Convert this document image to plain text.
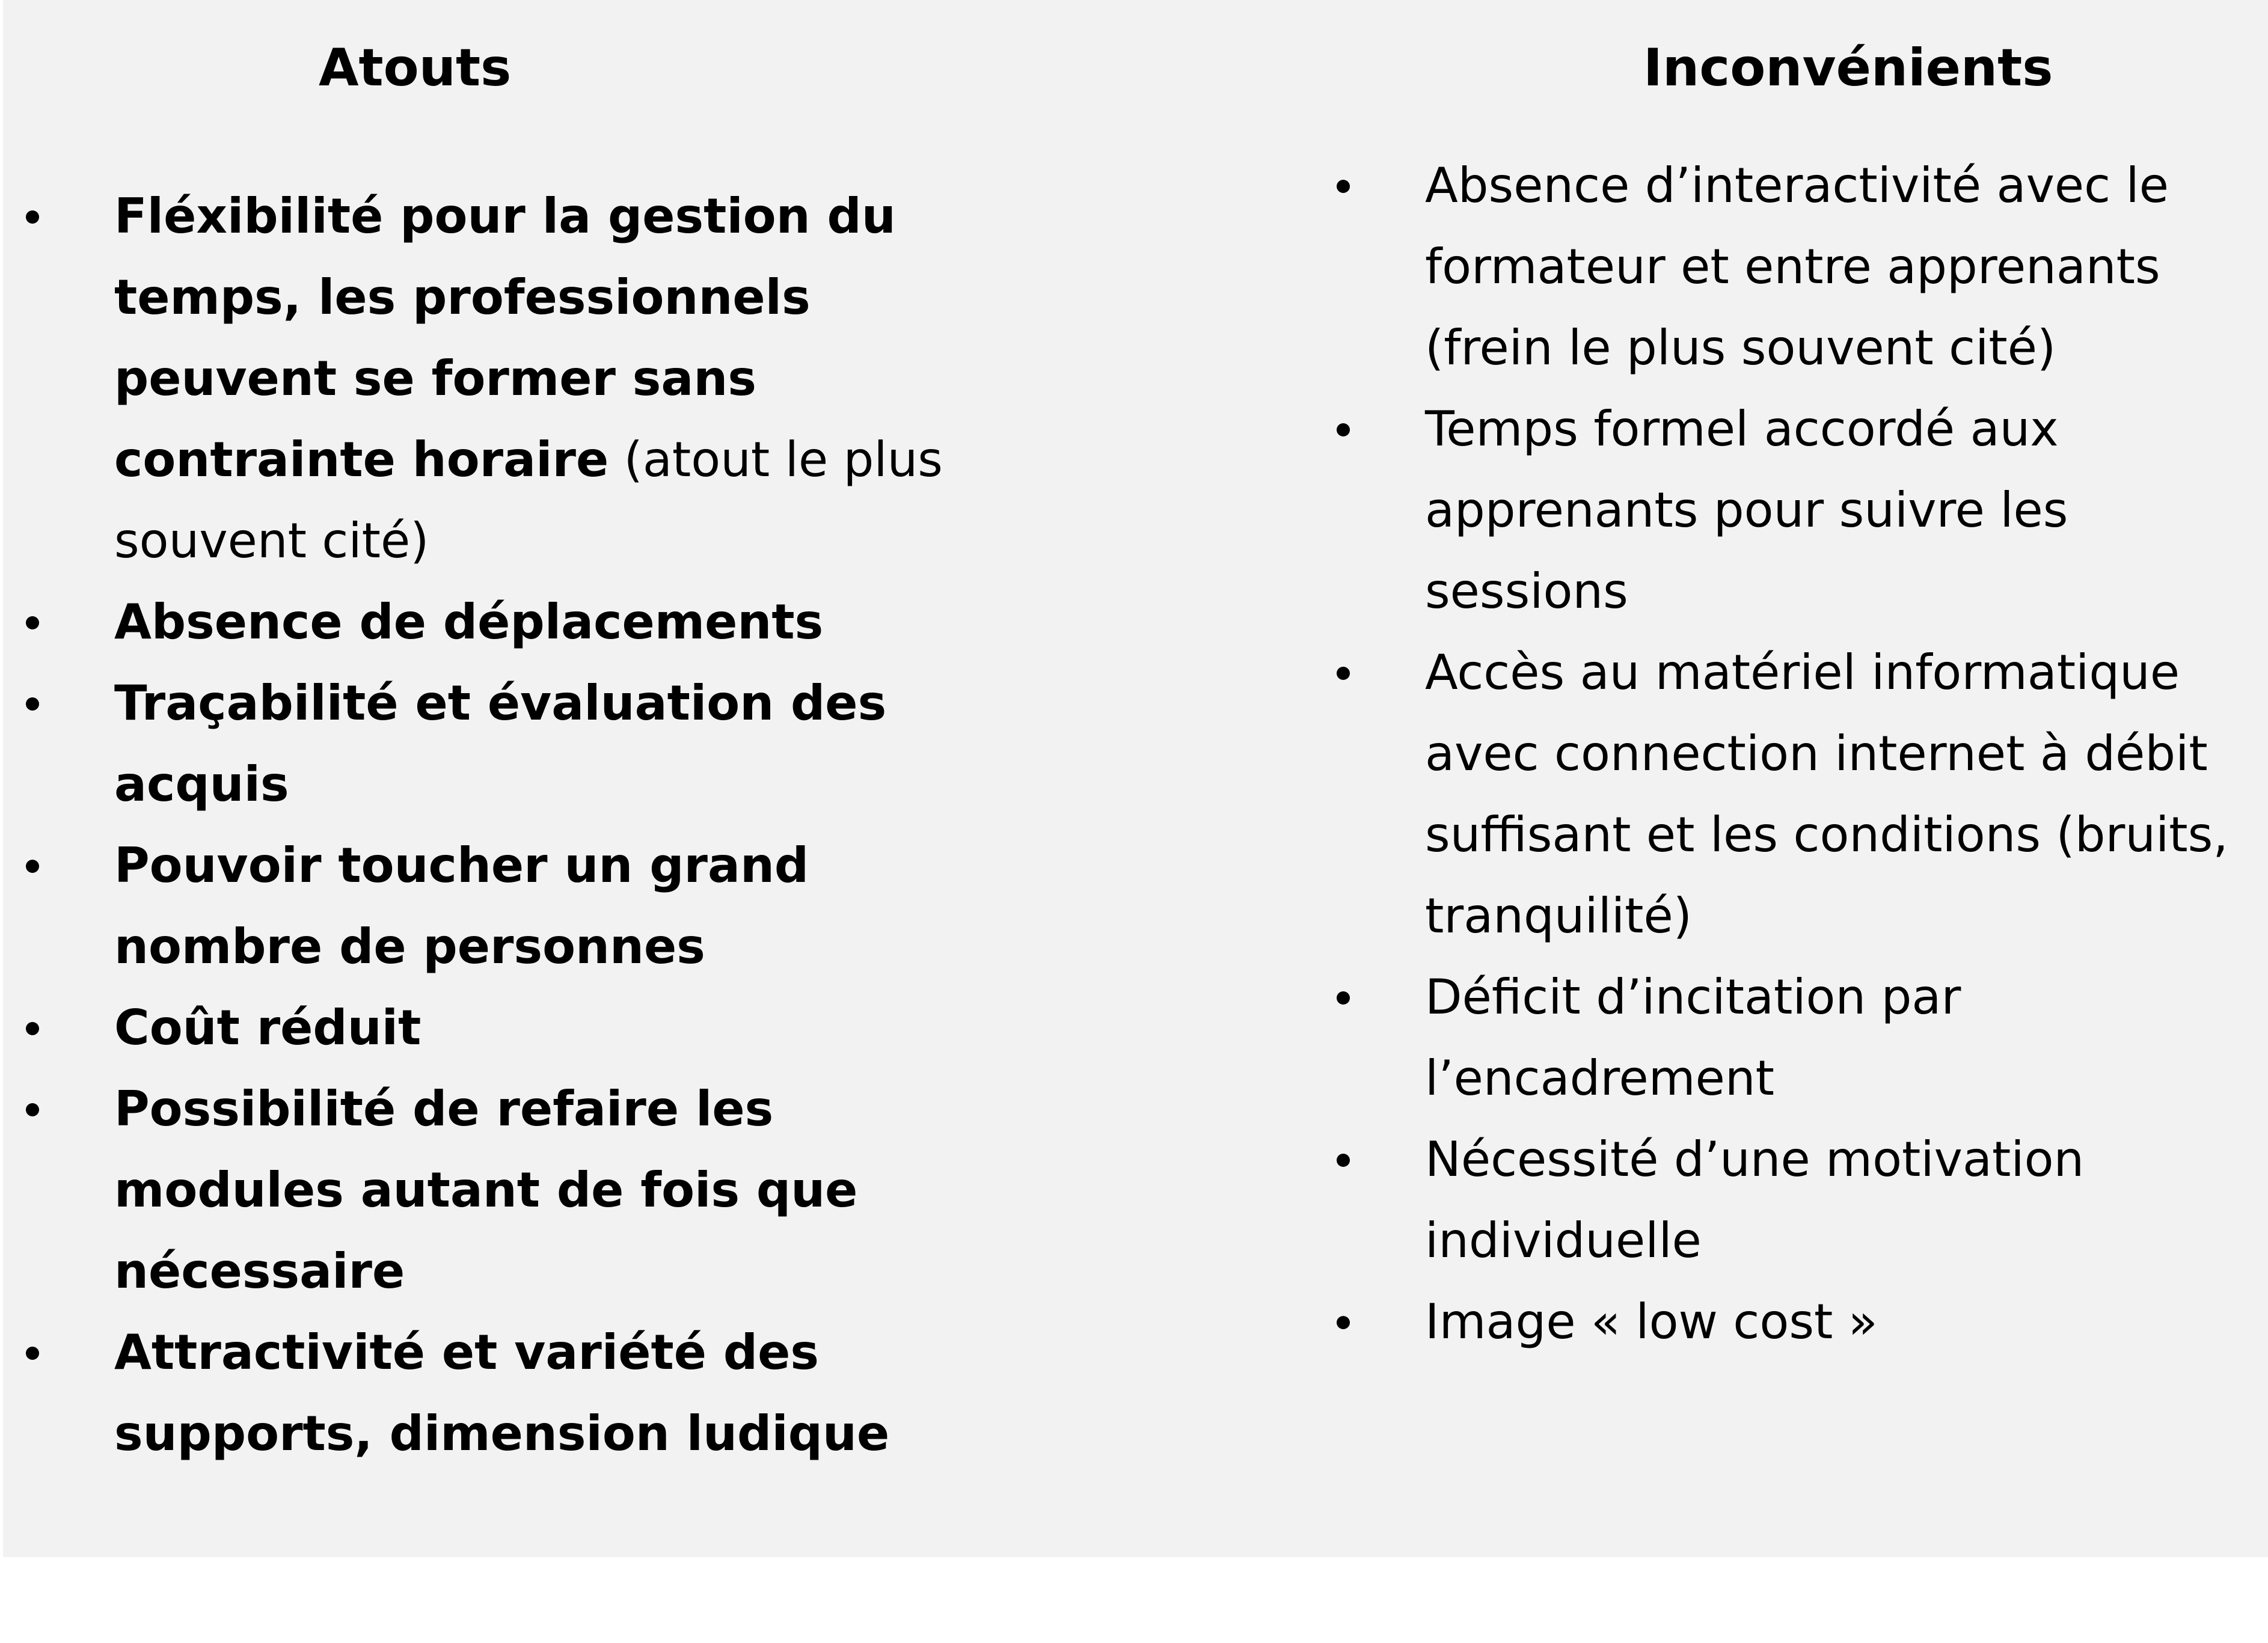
Atouts	Inconvénients
Fléxibilité pour la gestion du temps, les professionnels peuvent se former sans contrainte horaire (atout le plus souvent cité)
Absence de déplacements
Traçabilité et évaluation des acquis
Pouvoir toucher un grand nombre de personnes
Coût réduit
Possibilité de refaire les modules autant de fois que nécessaire
Attractivité et variété des supports, dimension ludique
Absence d’interactivité avec le formateur et entre apprenants (frein le plus souvent cité)
Temps formel accordé aux apprenants pour suivre les sessions
Accès au matériel informatique avec connection internet à débit suffisant et les conditions (bruits, tranquilité)
Déficit d’incitation par l’encadrement
Nécessité d’une motivation individuelle
Image « low cost »
